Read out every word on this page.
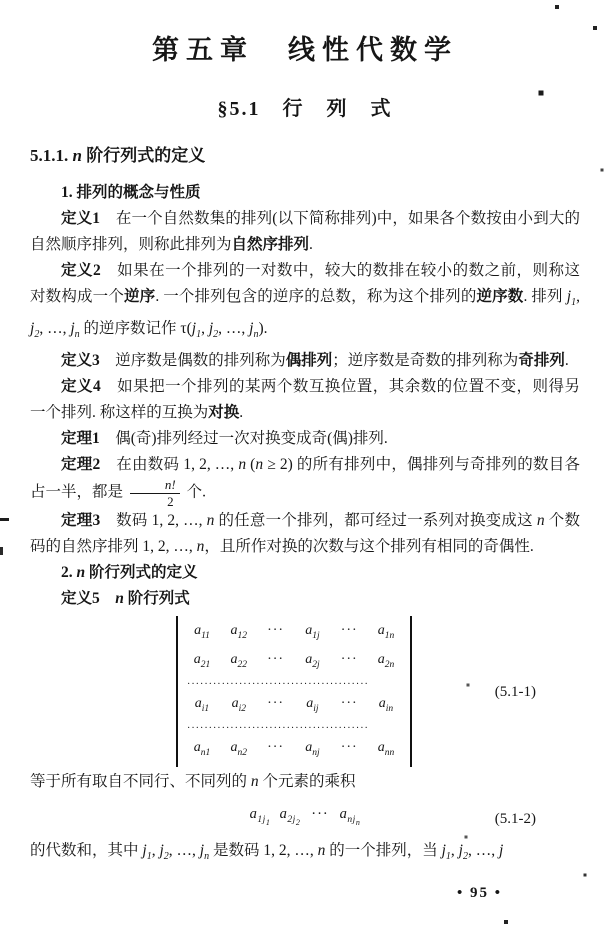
第五章　线性代数学
§5.1　行　列　式
5.1.1. n 阶行列式的定义

1. 排列的概念与性质

定义1　在一个自然数集的排列(以下简称排列)中，如果各个数按由小到大的自然顺序排列，则称此排列为自然序排列.

定义2　如果在一个排列的一对数中，较大的数排在较小的数之前，则称这对数构成一个逆序. 一个排列包含的逆序的总数，称为这个排列的逆序数. 排列 $j_1$, $j_2$, …, $j_n$ 的逆序数记作 $\tau(j_1$, $j_2$, …, $j_n$).

定义3　逆序数是偶数的排列称为偶排列；逆序数是奇数的排列称为奇排列.

定义4　如果把一个排列的某两个数互换位置，其余数的位置不变，则得另一个排列. 称这样的互换为对换.

定理1　偶(奇)排列经过一次对换变成奇(偶)排列.

定理2　在由数码 1, 2, …, n (n ≥ 2) 的所有排列中，偶排列与奇排列的数目各占一半，都是 $\frac{n!}{2}$ 个.

定理3　数码 1, 2, …, n 的任意一个排列，都可经过一系列对换变成这 n 个数码的自然序排列 1, 2, …, n，且所作对换的次数与这个排列有相同的奇偶性.

2. n 阶行列式的定义

定义5　 n 阶行列式

$a_{11}$	$a_{12}$	···	$a_{1j}$	···	$a_{1n}$
$a_{21}$	$a_{22}$	···	$a_{2j}$	···	$a_{2n}$
··········································
$a_{i1}$	$a_{i2}$	···	$a_{ij}$	···	$a_{in}$
··········································
$a_{n1}$	$a_{n2}$	···	$a_{nj}$	···	$a_{nn}$
(5.1-1)

等于所有取自不同行、不同列的 n 个元素的乘积

$a_{1j_1}a_{2j_2}\cdot\cdot\cdot a_{nj_n}$	(5.1-2)

的代数和，其中 $j_1$, $j_2$, …, $j_n$ 是数码 1, 2, …, n 的一个排列，当 $j_1$, $j_2$, …, j

• 95 •
